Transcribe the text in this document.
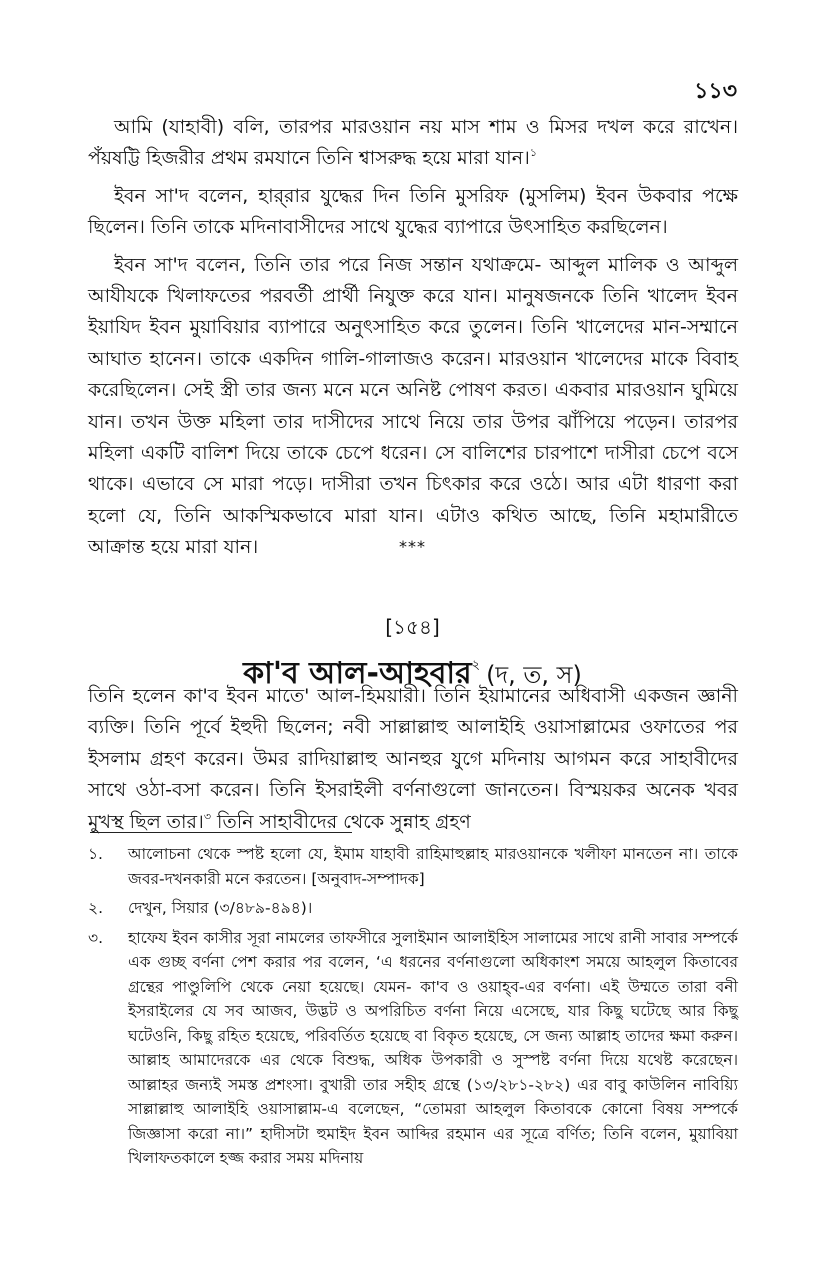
১১৩

আমি (যাহাবী) বলি, তারপর মারওয়ান নয় মাস শাম ও মিসর দখল করে রাখেন। পঁয়ষট্টি হিজরীর প্রথম রমযানে তিনি শ্বাসরুদ্ধ হয়ে মারা যান।$^১$

ইবন সা'দ বলেন, হার্‌রার যুদ্ধের দিন তিনি মুসরিফ (মুসলিম) ইবন উকবার পক্ষে ছিলেন। তিনি তাকে মদিনাবাসীদের সাথে যুদ্ধের ব্যাপারে উৎসাহিত করছিলেন।

ইবন সা'দ বলেন, তিনি তার পরে নিজ সন্তান যথাক্রমে- আব্দুল মালিক ও আব্দুল আযীযকে খিলাফতের পরবর্তী প্রার্থী নিযুক্ত করে যান। মানুষজনকে তিনি খালেদ ইবন ইয়াযিদ ইবন মুয়াবিয়ার ব্যাপারে অনুৎসাহিত করে তুলেন। তিনি খালেদের মান-সম্মানে আঘাত হানেন। তাকে একদিন গালি-গালাজও করেন। মারওয়ান খালেদের মাকে বিবাহ করেছিলেন। সেই স্ত্রী তার জন্য মনে মনে অনিষ্ট পোষণ করত। একবার মারওয়ান ঘুমিয়ে যান। তখন উক্ত মহিলা তার দাসীদের সাথে নিয়ে তার উপর ঝাঁপিয়ে পড়েন। তারপর মহিলা একটি বালিশ দিয়ে তাকে চেপে ধরেন। সে বালিশের চারপাশে দাসীরা চেপে বসে থাকে। এভাবে সে মারা পড়ে। দাসীরা তখন চিৎকার করে ওঠে। আর এটা ধারণা করা হলো যে, তিনি আকস্মিকভাবে মারা যান। এটাও কথিত আছে, তিনি মহামারীতে আক্রান্ত হয়ে মারা যান।	***
[১৫৪]
কা'ব আল-আহবার$^২$ (দ, ত, স)

তিনি হলেন কা'ব ইবন মাতে' আল-হিময়ারী। তিনি ইয়ামানের অধিবাসী একজন জ্ঞানী ব্যক্তি। তিনি পূর্বে ইহুদী ছিলেন; নবী সাল্লাল্লাহু আলাইহি ওয়াসাল্লামের ওফাতের পর ইসলাম গ্রহণ করেন। উমর রাদিয়াল্লাহু আনহুর যুগে মদিনায় আগমন করে সাহাবীদের সাথে ওঠা-বসা করেন। তিনি ইসরাইলী বর্ণনাগুলো জানতেন। বিস্ময়কর অনেক খবর মুখস্থ ছিল তার।$^৩$ তিনি সাহাবীদের থেকে সুন্নাহ গ্রহণ

১.	আলোচনা থেকে স্পষ্ট হলো যে, ইমাম যাহাবী রাহিমাহুল্লাহ মারওয়ানকে খলীফা মানতেন না। তাকে জবর-দখনকারী মনে করতেন। [অনুবাদ-সম্পাদক]
২.	দেখুন, সিয়ার (৩/৪৮৯-৪৯৪)।
৩.	হাফেয ইবন কাসীর সূরা নামলের তাফসীরে সুলাইমান আলাইহিস সালামের সাথে রানী সাবার সম্পর্কে এক গুচ্ছ বর্ণনা পেশ করার পর বলেন, ‘এ ধরনের বর্ণনাগুলো অধিকাংশ সময়ে আহলুল কিতাবের গ্রন্থের পাণ্ডুলিপি থেকে নেয়া হয়েছে। যেমন- কা'ব ও ওয়াহ্‌ব-এর বর্ণনা। এই উম্মতে তারা বনী ইসরাইলের যে সব আজব, উদ্ভট ও অপরিচিত বর্ণনা নিয়ে এসেছে, যার কিছু ঘটেছে আর কিছু ঘটেওনি, কিছু রহিত হয়েছে, পরিবর্তিত হয়েছে বা বিকৃত হয়েছে, সে জন্য আল্লাহ তাদের ক্ষমা করুন। আল্লাহ আমাদেরকে এর থেকে বিশুদ্ধ, অধিক উপকারী ও সুস্পষ্ট বর্ণনা দিয়ে যথেষ্ট করেছেন। আল্লাহর জন্যই সমস্ত প্রশংসা। বুখারী তার সহীহ গ্রন্থে (১৩/২৮১-২৮২) এর বাবু কাউলিন নাবিয়্যি সাল্লাল্লাহু আলাইহি ওয়াসাল্লাম-এ বলেছেন, “তোমরা আহলুল কিতাবকে কোনো বিষয় সম্পর্কে জিজ্ঞাসা করো না।” হাদীসটা হুমাইদ ইবন আব্দির রহমান এর সূত্রে বর্ণিত; তিনি বলেন, মুয়াবিয়া খিলাফতকালে হজ্জ করার সময় মদিনায়
